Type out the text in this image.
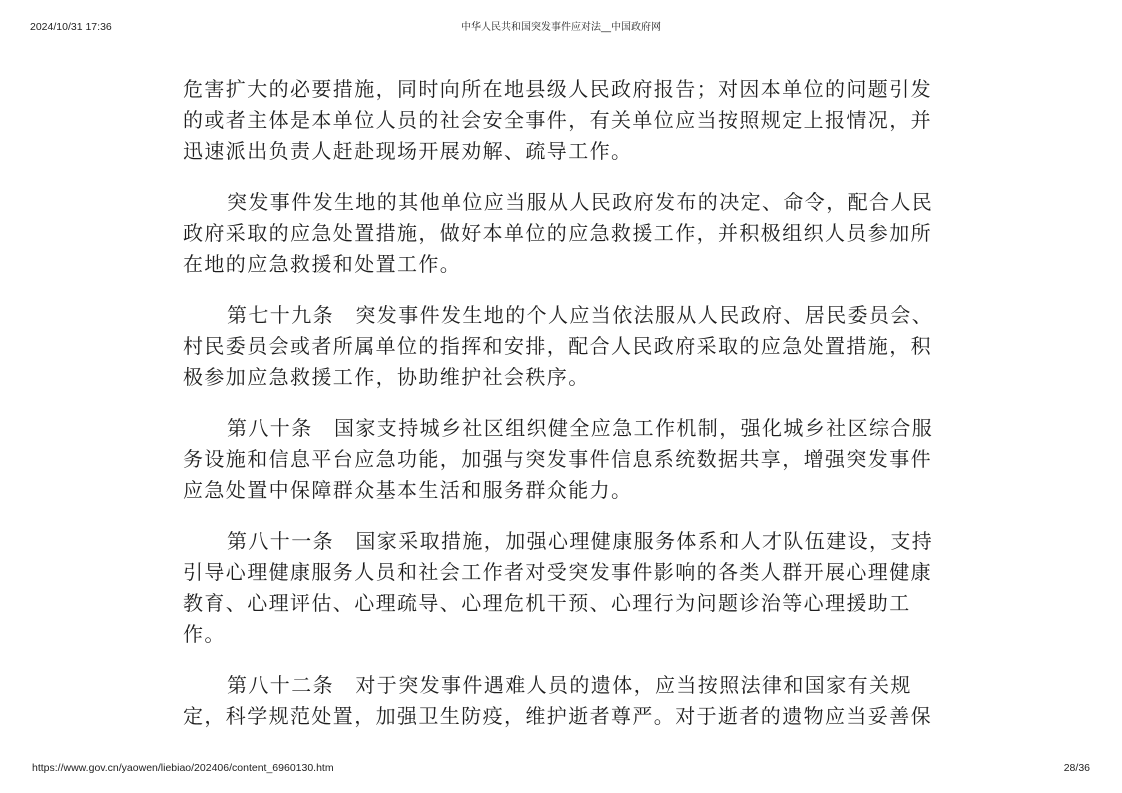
2024/10/31 17:36	中华人民共和国突发事件应对法__中国政府网

危害扩大的必要措施，同时向所在地县级人民政府报告；对因本单位的问题引发
的或者主体是本单位人员的社会安全事件，有关单位应当按照规定上报情况，并
迅速派出负责人赶赴现场开展劝解、疏导工作。

突发事件发生地的其他单位应当服从人民政府发布的决定、命令，配合人民
政府采取的应急处置措施，做好本单位的应急救援工作，并积极组织人员参加所
在地的应急救援和处置工作。

第七十九条　突发事件发生地的个人应当依法服从人民政府、居民委员会、
村民委员会或者所属单位的指挥和安排，配合人民政府采取的应急处置措施，积
极参加应急救援工作，协助维护社会秩序。

第八十条　国家支持城乡社区组织健全应急工作机制，强化城乡社区综合服
务设施和信息平台应急功能，加强与突发事件信息系统数据共享，增强突发事件
应急处置中保障群众基本生活和服务群众能力。

第八十一条　国家采取措施，加强心理健康服务体系和人才队伍建设，支持
引导心理健康服务人员和社会工作者对受突发事件影响的各类人群开展心理健康
教育、心理评估、心理疏导、心理危机干预、心理行为问题诊治等心理援助工
作。

第八十二条　对于突发事件遇难人员的遗体，应当按照法律和国家有关规
定，科学规范处置，加强卫生防疫，维护逝者尊严。对于逝者的遗物应当妥善保

https://www.gov.cn/yaowen/liebiao/202406/content_6960130.htm	28/36
